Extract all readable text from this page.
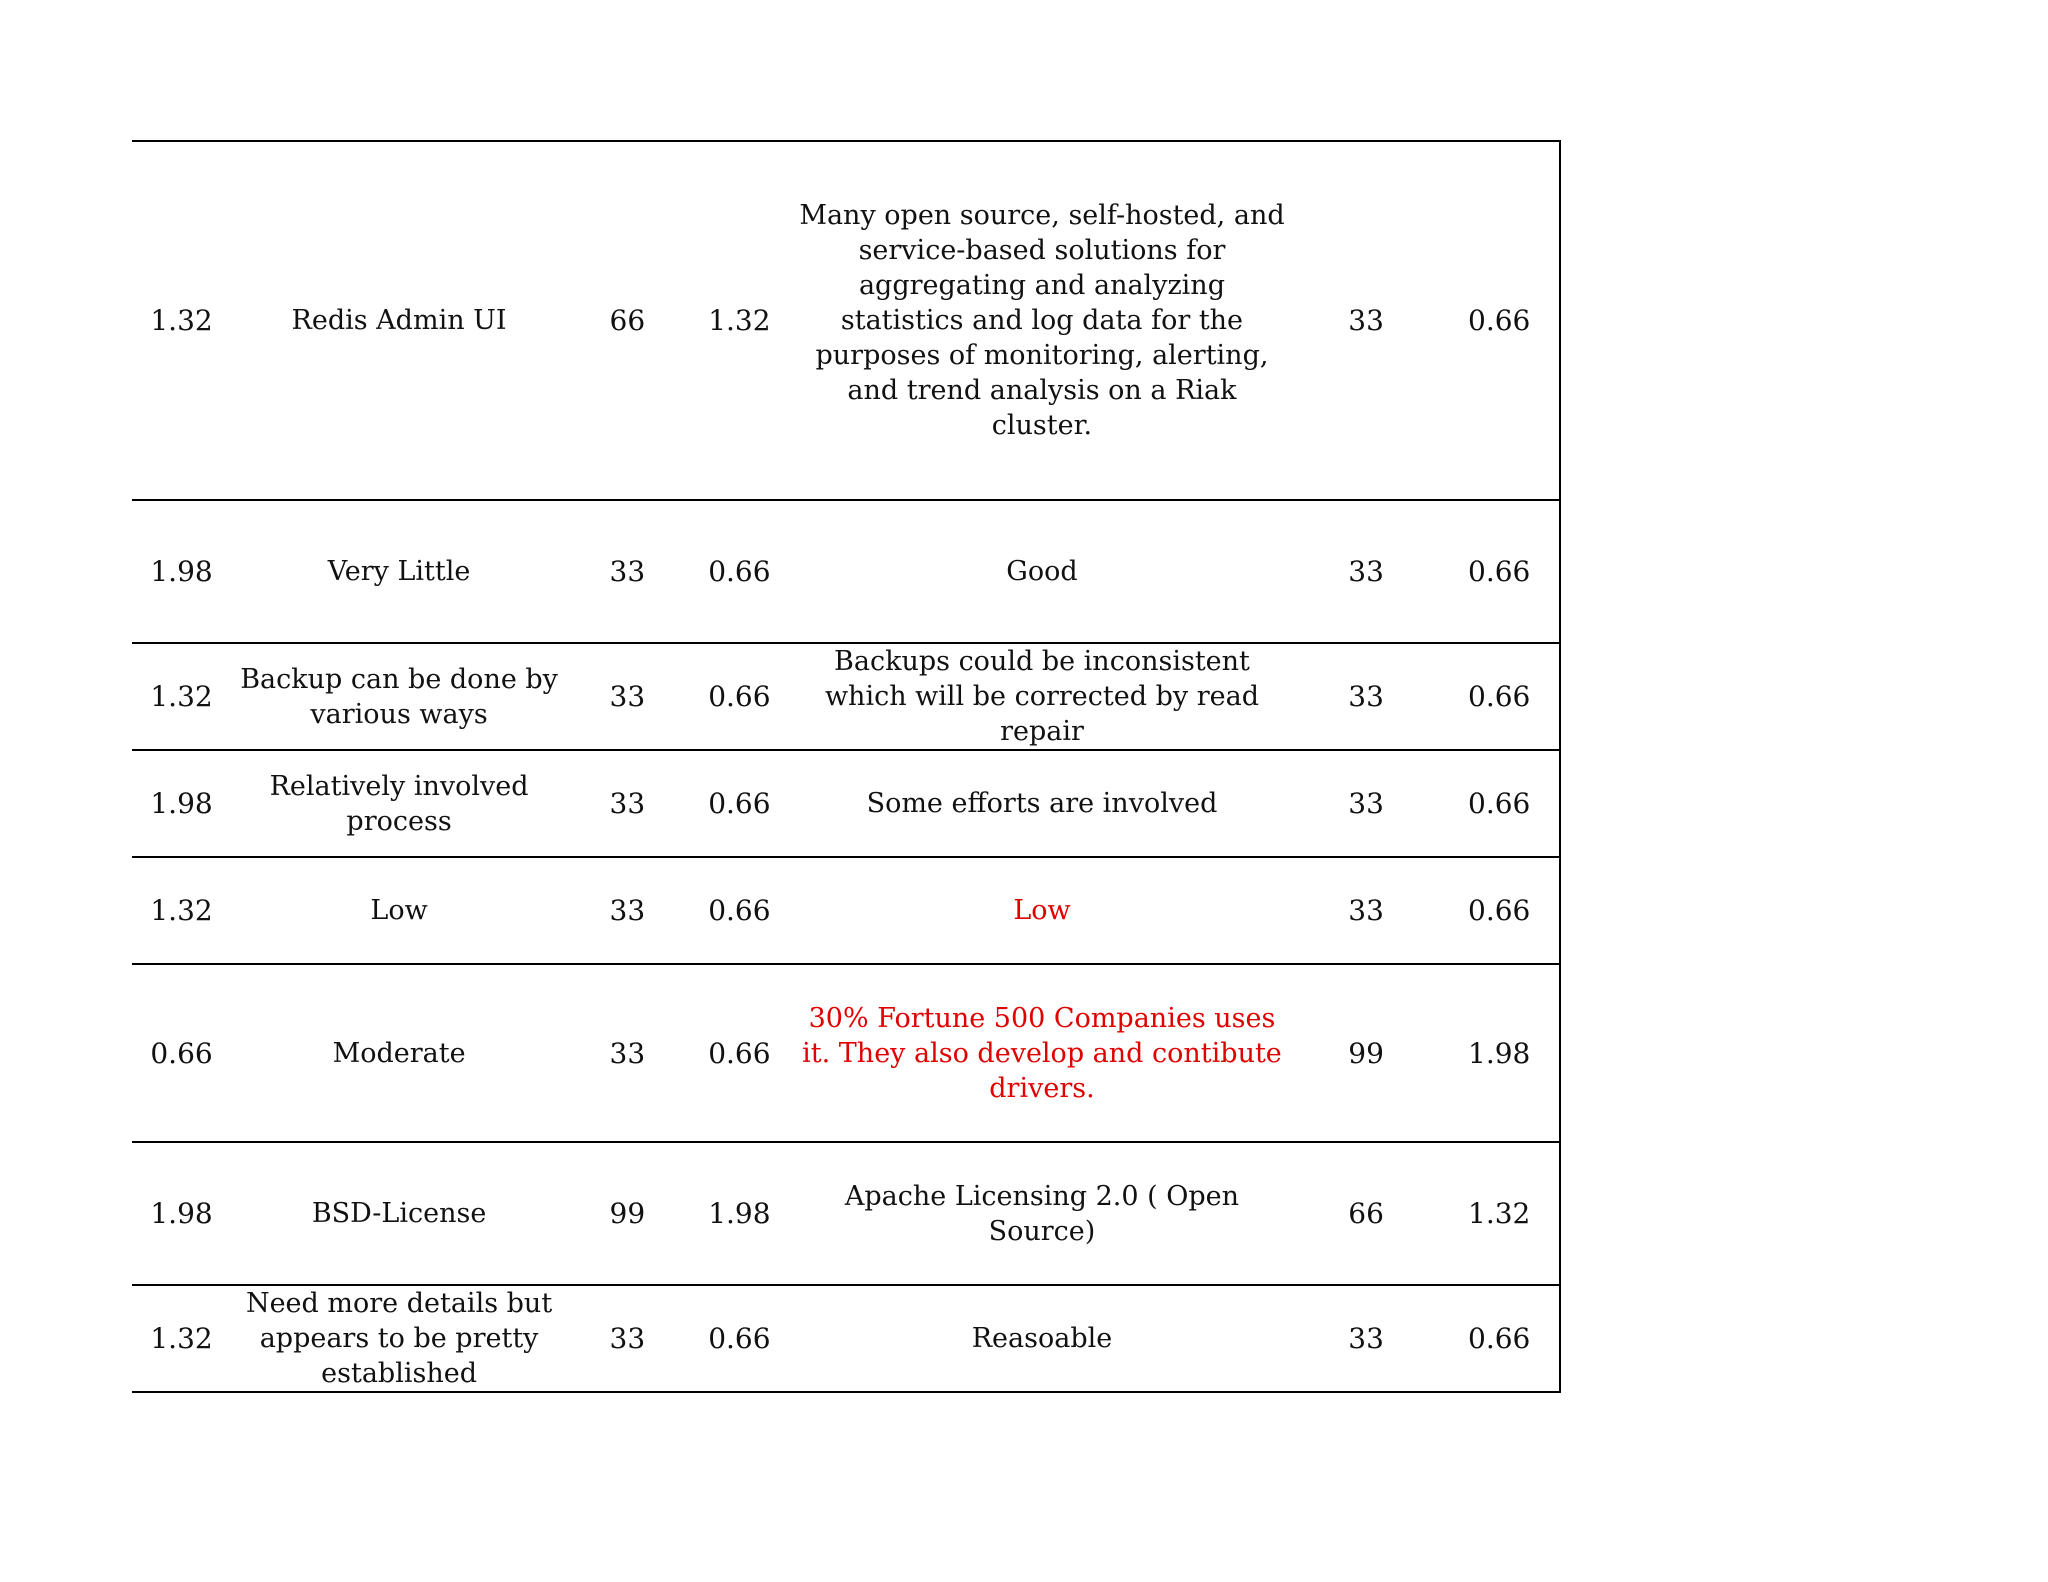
1.32	Redis Admin UI	66	1.32	Many open source, self-hosted, and service-based solutions for aggregating and analyzing statistics and log data for the purposes of monitoring, alerting, and trend analysis on a Riak cluster.	33	0.66
1.98	Very Little	33	0.66	Good	33	0.66
1.32	Backup can be done by various ways	33	0.66	Backups could be inconsistent which will be corrected by read repair	33	0.66
1.98	Relatively involved process	33	0.66	Some efforts are involved	33	0.66
1.32	Low	33	0.66	Low	33	0.66
0.66	Moderate	33	0.66	30% Fortune 500 Companies uses it. They also develop and contibute drivers.	99	1.98
1.98	BSD-License	99	1.98	Apache Licensing 2.0 ( Open Source)	66	1.32
1.32	Need more details but appears to be pretty established	33	0.66	Reasoable	33	0.66
